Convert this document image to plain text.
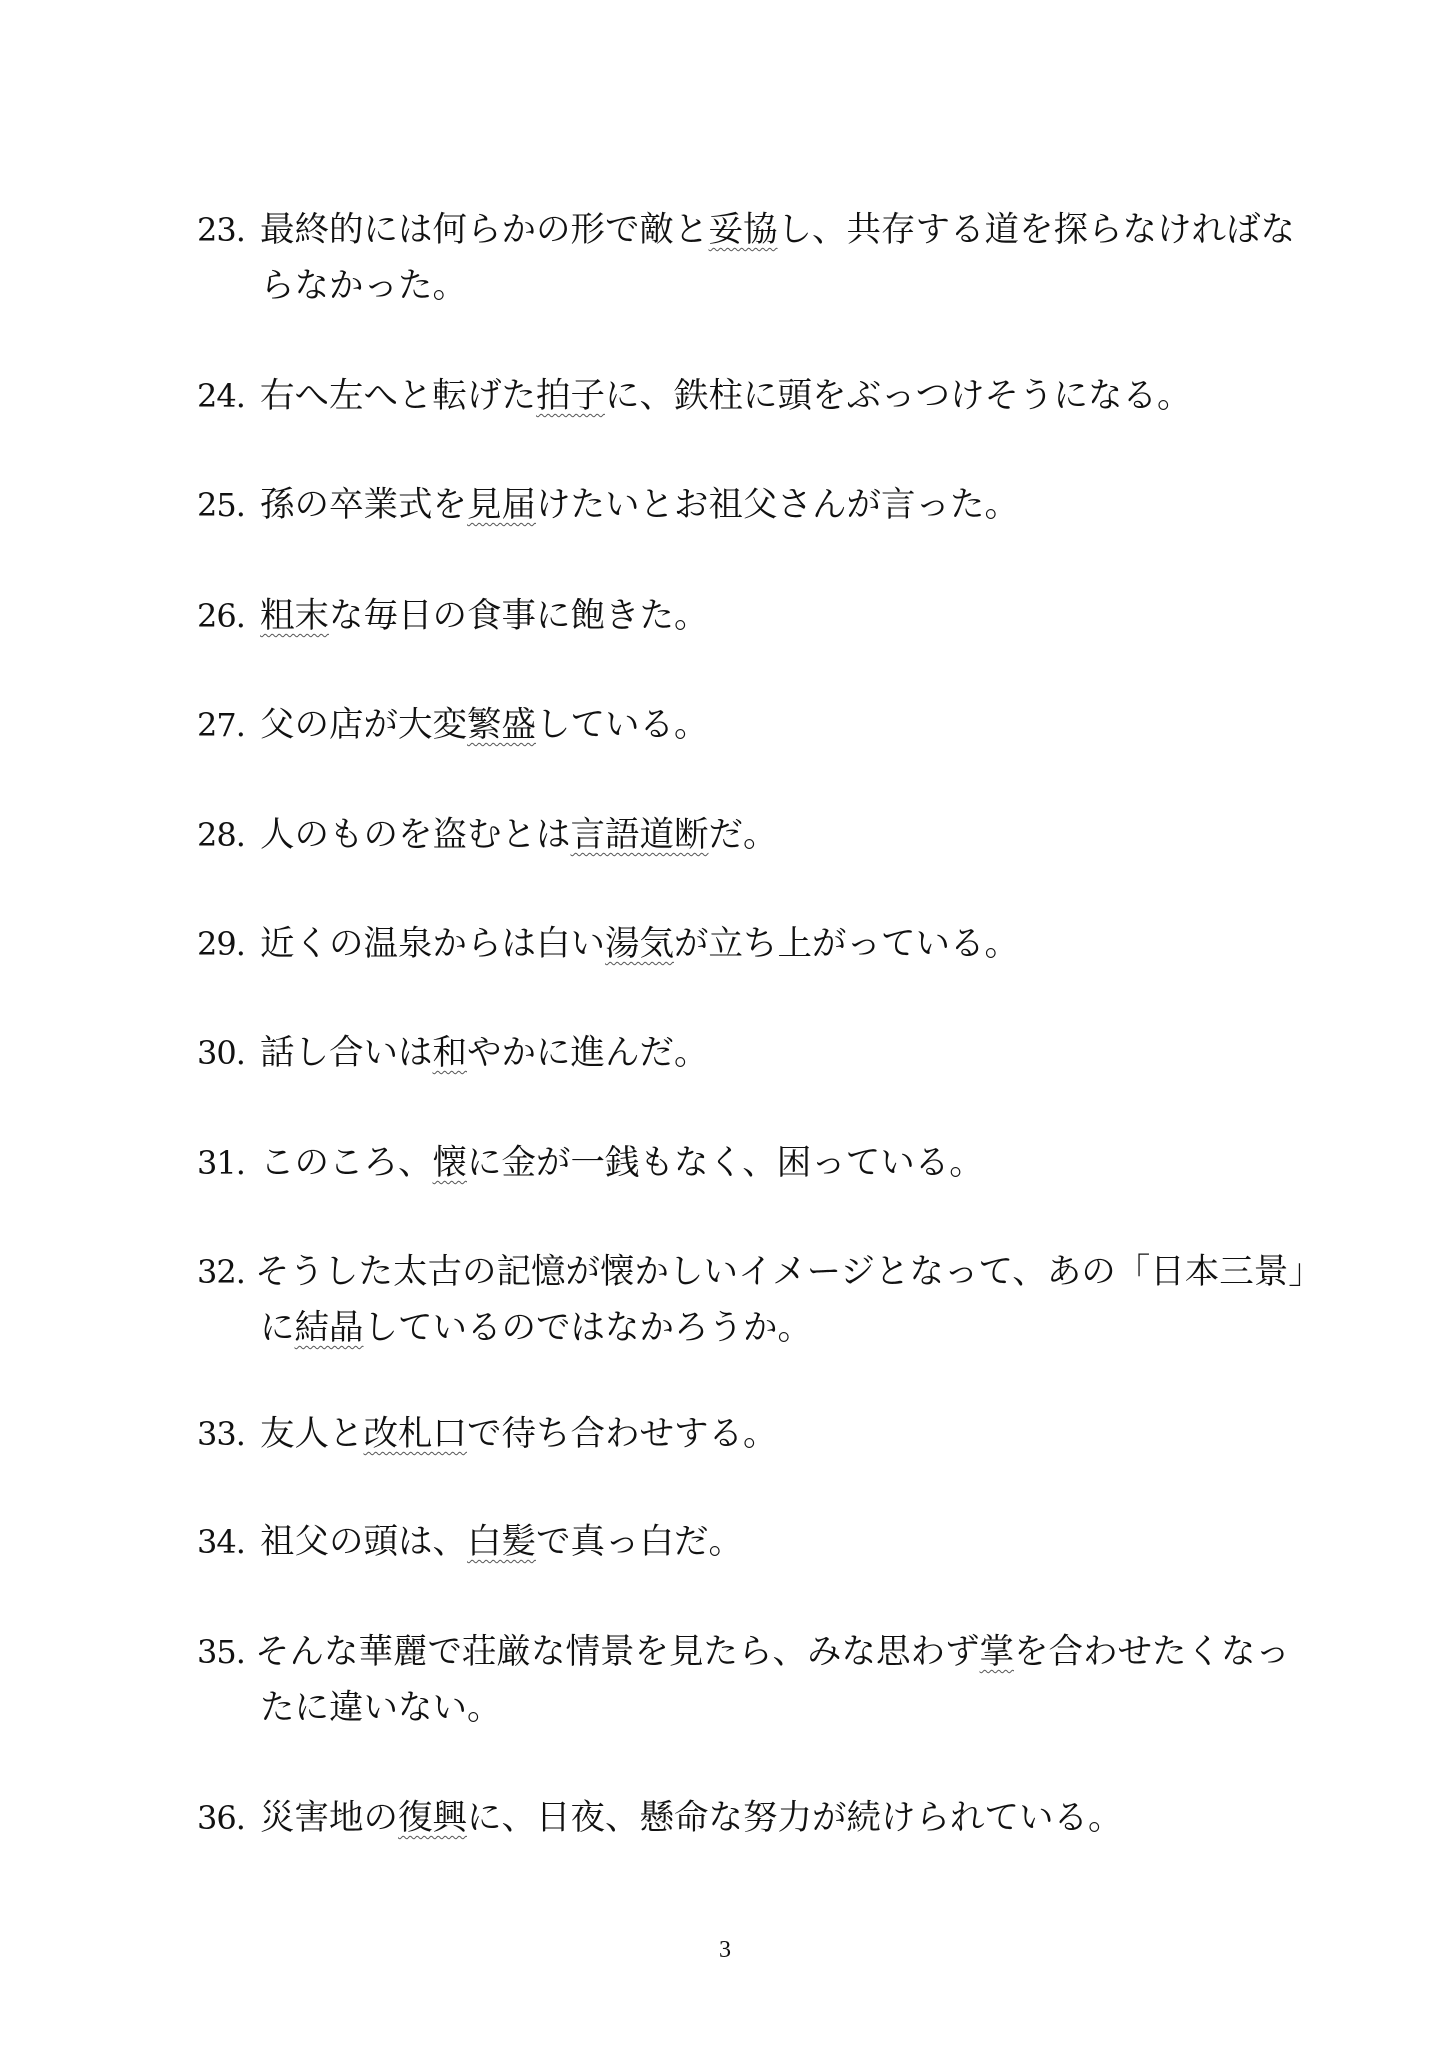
23. 最終的には何らかの形で敵と妥協し、共存する道を探らなければな
らなかった。
24. 右へ左へと転げた拍子に、鉄柱に頭をぶっつけそうになる。
25. 孫の卒業式を見届けたいとお祖父さんが言った。
26. 粗末な毎日の食事に飽きた。
27. 父の店が大変繁盛している。
28. 人のものを盗むとは言語道断だ。
29. 近くの温泉からは白い湯気が立ち上がっている。
30. 話し合いは和やかに進んだ。
31. このころ、懐に金が一銭もなく、困っている。
32. そうした太古の記憶が懐かしいイメージとなって、あの「日本三景」
に結晶しているのではなかろうか。
33. 友人と改札口で待ち合わせする。
34. 祖父の頭は、白髪で真っ白だ。
35. そんな華麗で荘厳な情景を見たら、みな思わず掌を合わせたくなっ
たに違いない。
36. 災害地の復興に、日夜、懸命な努力が続けられている。
3
